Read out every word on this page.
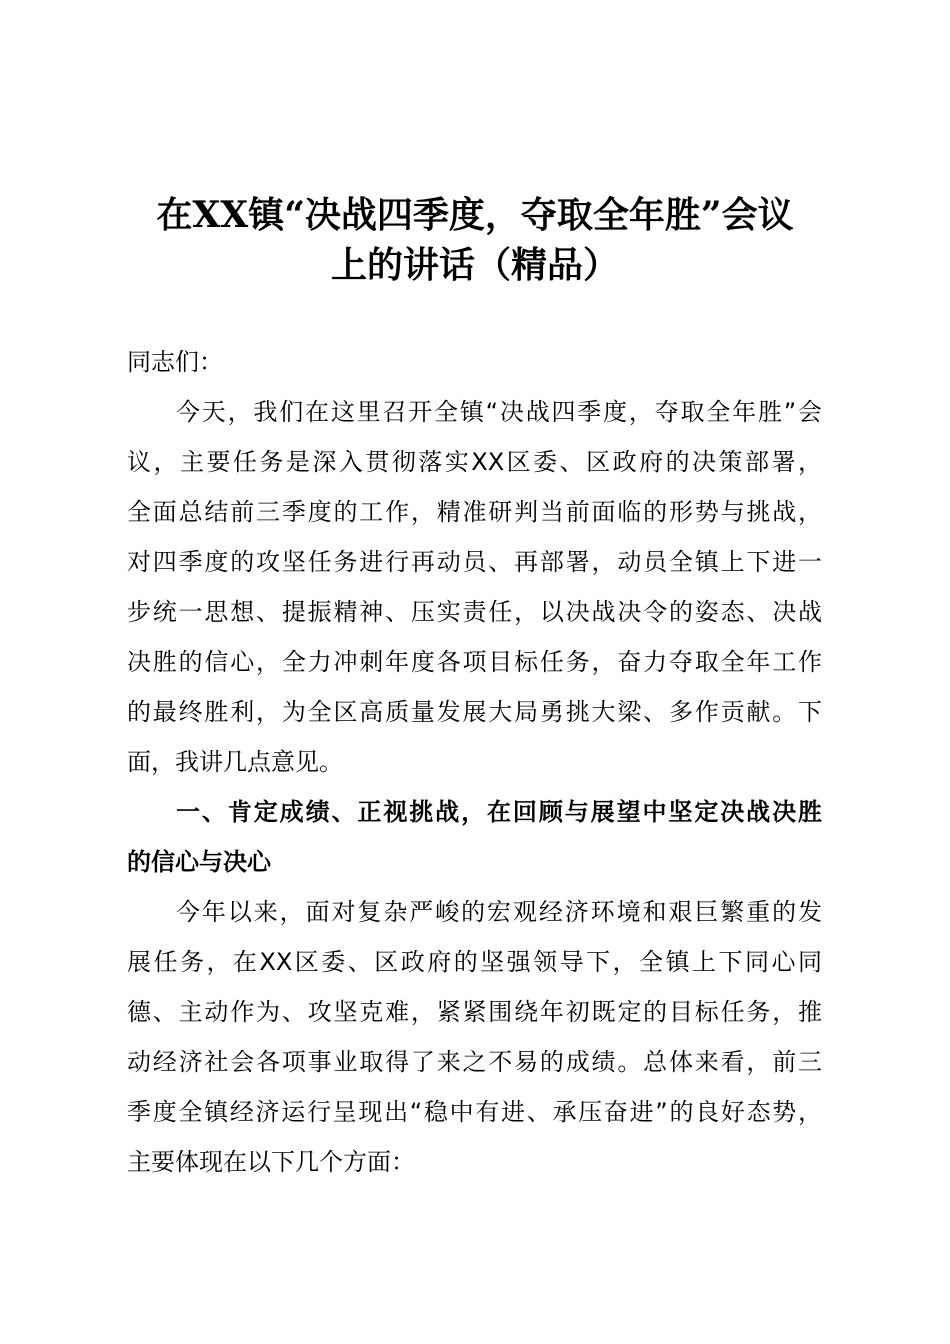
在XX镇“决战四季度，夺取全年胜”会议
上的讲话（精品）
同志们：
今天，我们在这里召开全镇“决战四季度，夺取全年胜”会
议，主要任务是深入贯彻落实XX区委、区政府的决策部署，
全面总结前三季度的工作，精准研判当前面临的形势与挑战，
对四季度的攻坚任务进行再动员、再部署，动员全镇上下进一
步统一思想、提振精神、压实责任，以决战决令的姿态、决战
决胜的信心，全力冲刺年度各项目标任务，奋力夺取全年工作
的最终胜利，为全区高质量发展大局勇挑大梁、多作贡献。下
面，我讲几点意见。
一、肯定成绩、正视挑战，在回顾与展望中坚定决战决胜
的信心与决心
今年以来，面对复杂严峻的宏观经济环境和艰巨繁重的发
展任务，在XX区委、区政府的坚强领导下，全镇上下同心同
德、主动作为、攻坚克难，紧紧围绕年初既定的目标任务，推
动经济社会各项事业取得了来之不易的成绩。总体来看，前三
季度全镇经济运行呈现出“稳中有进、承压奋进”的良好态势，
主要体现在以下几个方面：
